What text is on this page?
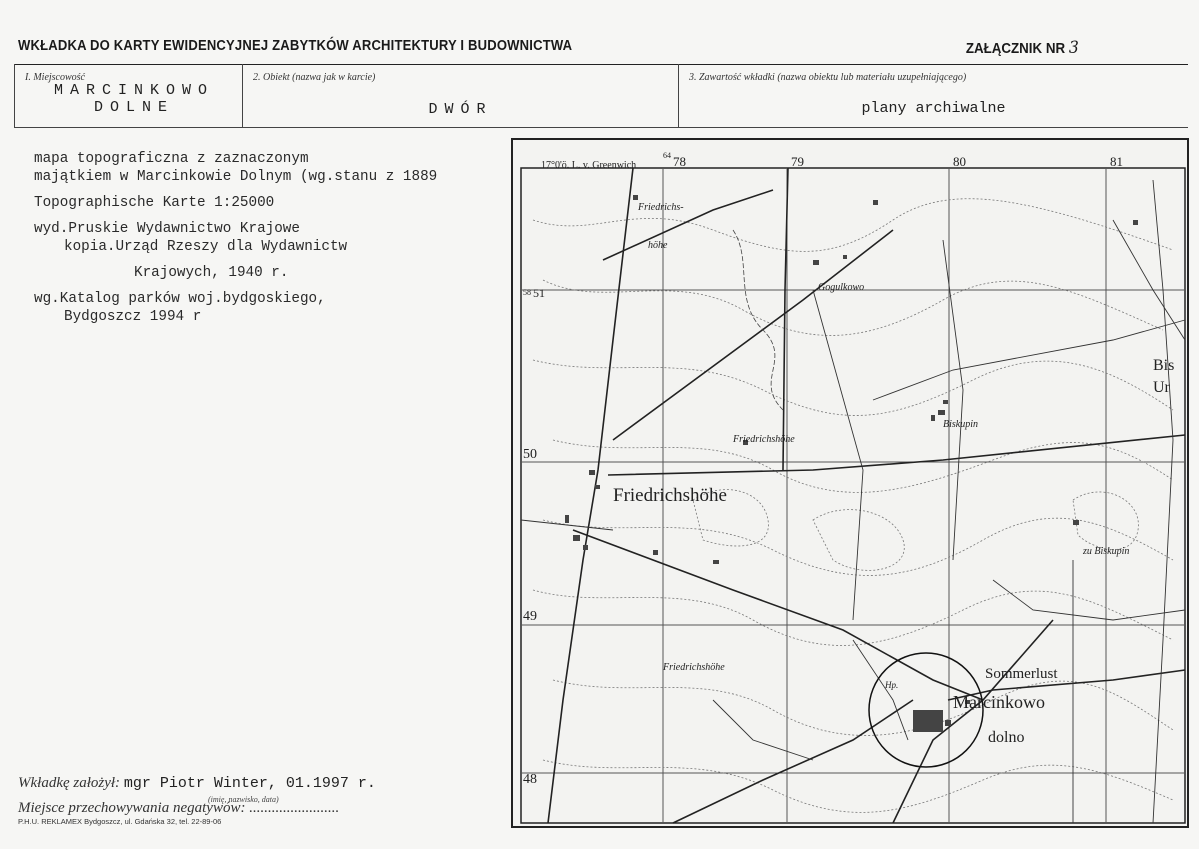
WKŁADKA DO KARTY EWIDENCYJNEJ ZABYTKÓW ARCHITEKTURY I BUDOWNICTWA	ZAŁĄCZNIK NR 3
I. Miejscowość
MARCINKOWO
DOLNE
2. Obiekt (nazwa jak w karcie)
DWÓR
3. Zawartość wkładki (nazwa obiektu lub materiału uzupełniającego)
plany archiwalne

mapa topograficzna z zaznaczonym

majątkiem w Marcinkowie Dolnym (wg.stanu z 1889

Topographische Karte 1:25000

wyd.Pruskie Wydawnictwo Krajowe

kopia.Urząd Rzeszy dla Wydawnictw

Krajowych, 1940 r.

wg.Katalog parków woj.bydgoskiego,

Bydgoszcz 1994 r

17°0'ö. L. v. Greenwich
64 78	79	80	81
58 51
50
49
48
Friedrichshöhe
Friedrichs-
höhe
Friedrichshöhe
Friedrichshöhe
Gogulkowo
Biskupin
zu Biskupin
Sommerlust
Marcinkowo
dolno
Bis
Ur
Hp.
Wkładkę założył: mgr Piotr Winter, 01.1997 r.
(imię, nazwisko, data)
Miejsce przechowywania negatywów: ........................
P.H.U. REKLAMEX Bydgoszcz, ul. Gdańska 32, tel. 22-89-06
